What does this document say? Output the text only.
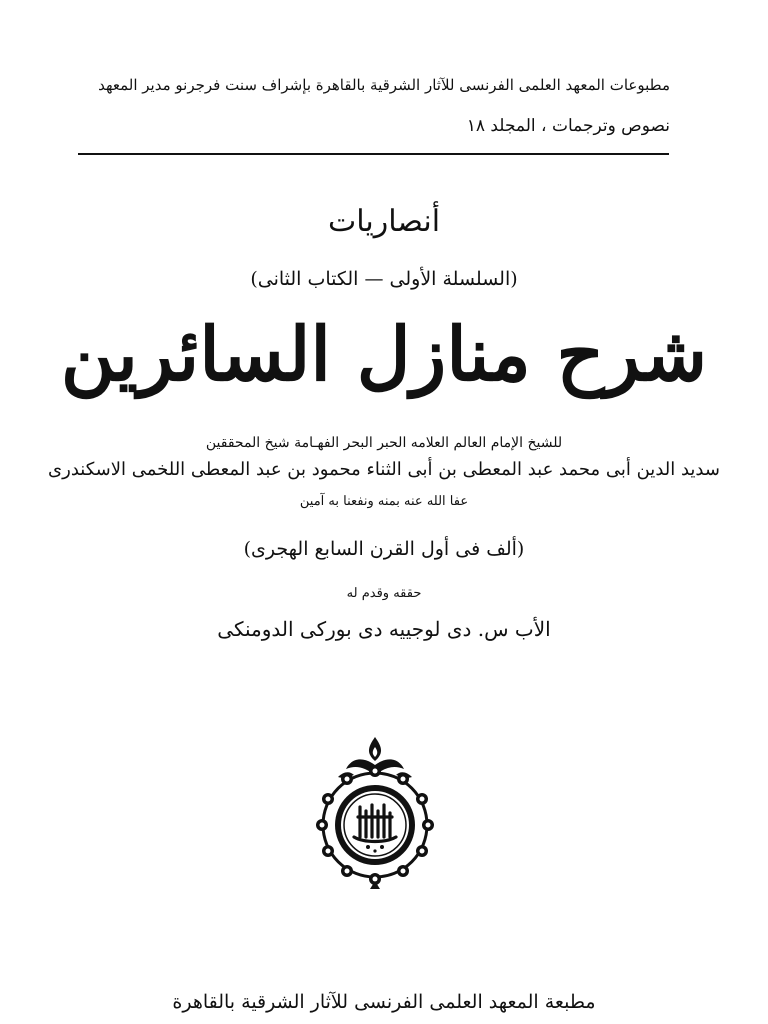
مطبوعات المعهد العلمى الفرنسى للآثار الشرقية بالقاهرة بإشراف سنت فرجرنو مدير المعهد
نصوص وترجمات ، المجلد ١٨
أنصاريات
(السلسلة الأولى — الكتاب الثانى)
شرح منازل السائرين
للشيخ الإمام العالم العلامه الحبر البحر الفهـامة شيخ المحققين
سديد الدين أبى محمد عبد المعطى بن أبى الثناء محمود بن عبد المعطى اللخمى الاسكندرى
عفا الله عنه بمنه ونفعنا به آمين
(ألف فى أول القرن السابع الهجرى)
حققه وقدم له
الأب س. دى لوجييه دى بوركى الدومنكى
مطبعة المعهد العلمى الفرنسى للآثار الشرقية بالقاهرة
